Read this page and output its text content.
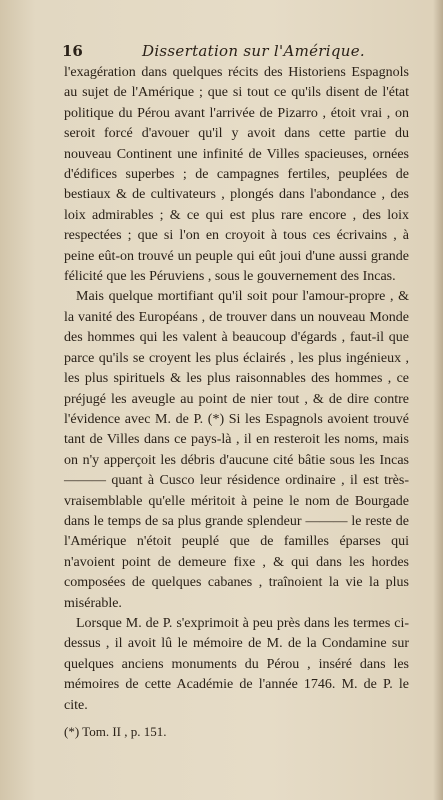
16	Dissertation sur l'Amérique.

l'exagération dans quelques récits des Historiens Espagnols au sujet de l'Amérique ; que si tout ce qu'ils disent de l'état politique du Pérou avant l'arrivée de Pizarro , étoit vrai , on seroit forcé d'avouer qu'il y avoit dans cette partie du nouveau Continent une infinité de Villes spacieuses, ornées d'édifices superbes ; de campagnes fertiles, peuplées de bestiaux & de cultivateurs , plongés dans l'abondance , des loix admirables ; & ce qui est plus rare encore , des loix respectées ; que si l'on en croyoit à tous ces écrivains , à peine eût-on trouvé un peuple qui eût joui d'une aussi grande félicité que les Péruviens , sous le gouvernement des Incas.

Mais quelque mortifiant qu'il soit pour l'amour-propre , & la vanité des Européans , de trouver dans un nouveau Monde des hommes qui les valent à beaucoup d'égards , faut-il que parce qu'ils se croyent les plus éclairés , les plus ingénieux , les plus spirituels & les plus raisonnables des hommes , ce préjugé les aveugle au point de nier tout , & de dire contre l'évidence avec M. de P. (*) Si les Espagnols avoient trouvé tant de Villes dans ce pays-là , il en resteroit les noms, mais on n'y apperçoit les débris d'aucune cité bâtie sous les Incas ——— quant à Cusco leur résidence ordinaire , il est très-vraisemblable qu'elle méritoit à peine le nom de Bourgade dans le temps de sa plus grande splendeur ——— le reste de l'Amérique n'étoit peuplé que de familles éparses qui n'avoient point de demeure fixe , & qui dans les hordes composées de quelques cabanes , traînoient la vie la plus misérable.

Lorsque M. de P. s'exprimoit à peu près dans les termes ci-dessus , il avoit lû le mémoire de M. de la Condamine sur quelques anciens monuments du Pérou , inséré dans les mémoires de cette Académie de l'année 1746. M. de P. le cite.

(*) Tom. II , p. 151.
